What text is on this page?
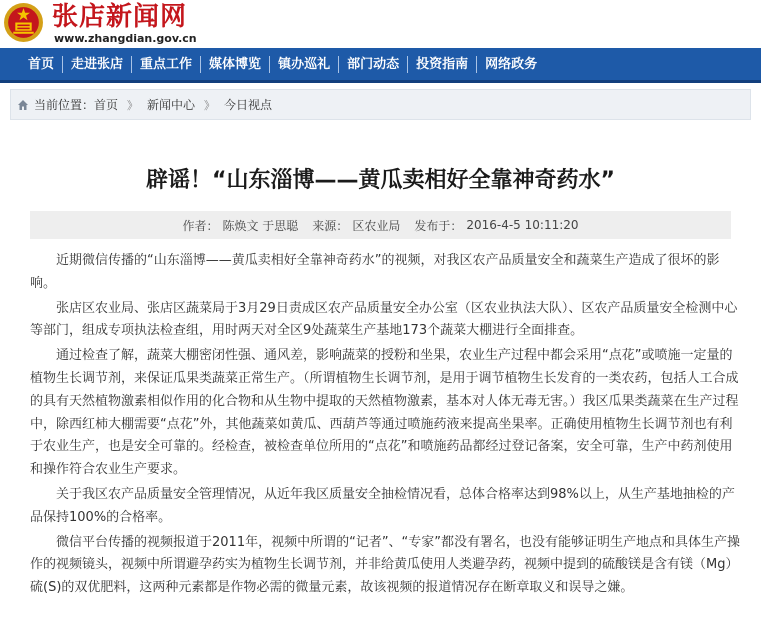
张店新闻网
www.zhangdian.gov.cn
首页	走进张店	重点工作	媒体博览	镇办巡礼	部门动态	投资指南	网络政务
当前位置： 首页 》 新闻中心 》 今日视点
辟谣！“山东淄博——黄瓜卖相好全靠神奇药水”
作者： 陈焕文 于思聪 来源： 区农业局 发布于： 2016-4-5 10:11:20

近期微信传播的“山东淄博——黄瓜卖相好全靠神奇药水”的视频，对我区农产品质量安全和蔬菜生产造成了很坏的影响。

张店区农业局、张店区蔬菜局于3月29日责成区农产品质量安全办公室（区农业执法大队）、区农产品质量安全检测中心等部门，组成专项执法检查组，用时两天对全区9处蔬菜生产基地173个蔬菜大棚进行全面排查。

通过检查了解，蔬菜大棚密闭性强、通风差，影响蔬菜的授粉和坐果，农业生产过程中都会采用“点花”或喷施一定量的植物生长调节剂，来保证瓜果类蔬菜正常生产。（所谓植物生长调节剂，是用于调节植物生长发育的一类农药，包括人工合成的具有天然植物激素相似作用的化合物和从生物中提取的天然植物激素，基本对人体无毒无害。）我区瓜果类蔬菜在生产过程中，除西红柿大棚需要“点花”外，其他蔬菜如黄瓜、西葫芦等通过喷施药液来提高坐果率。正确使用植物生长调节剂也有利于农业生产，也是安全可靠的。经检查，被检查单位所用的“点花”和喷施药品都经过登记备案，安全可靠，生产中药剂使用和操作符合农业生产要求。

关于我区农产品质量安全管理情况，从近年我区质量安全抽检情况看，总体合格率达到98%以上，从生产基地抽检的产品保持100%的合格率。

微信平台传播的视频报道于2011年，视频中所谓的“记者”、“专家”都没有署名，也没有能够证明生产地点和具体生产操作的视频镜头，视频中所谓避孕药实为植物生长调节剂，并非给黄瓜使用人类避孕药，视频中提到的硫酸镁是含有镁（Mg）硫(S)的双优肥料，这两种元素都是作物必需的微量元素，故该视频的报道情况存在断章取义和误导之嫌。
